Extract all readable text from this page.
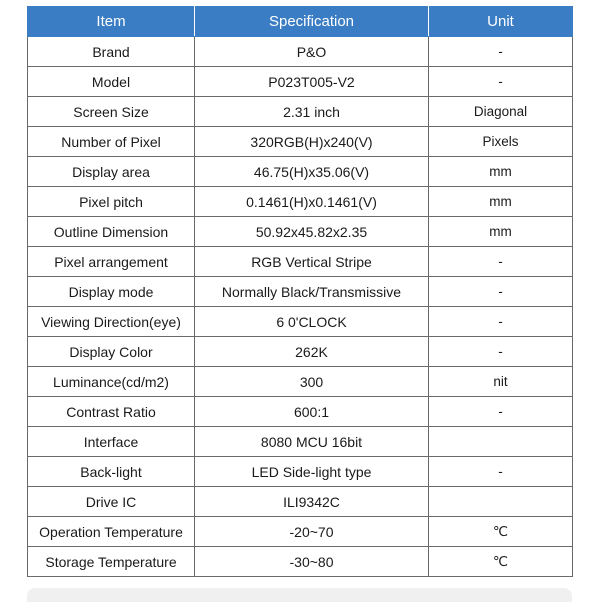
Item	Specification	Unit
Brand	P&O	-
Model	P023T005-V2	-
Screen Size	2.31 inch	Diagonal
Number of Pixel	320RGB(H)x240(V)	Pixels
Display area	46.75(H)x35.06(V)	mm
Pixel pitch	0.1461(H)x0.1461(V)	mm
Outline Dimension	50.92x45.82x2.35	mm
Pixel arrangement	RGB Vertical Stripe	-
Display mode	Normally Black/Transmissive	-
Viewing Direction(eye)	6 0'CLOCK	-
Display Color	262K	-
Luminance(cd/m2)	300	nit
Contrast Ratio	600:1	-
Interface	8080 MCU 16bit	
Back-light	LED Side-light type	-
Drive IC	ILI9342C	
Operation Temperature	-20~70	℃
Storage Temperature	-30~80	℃
